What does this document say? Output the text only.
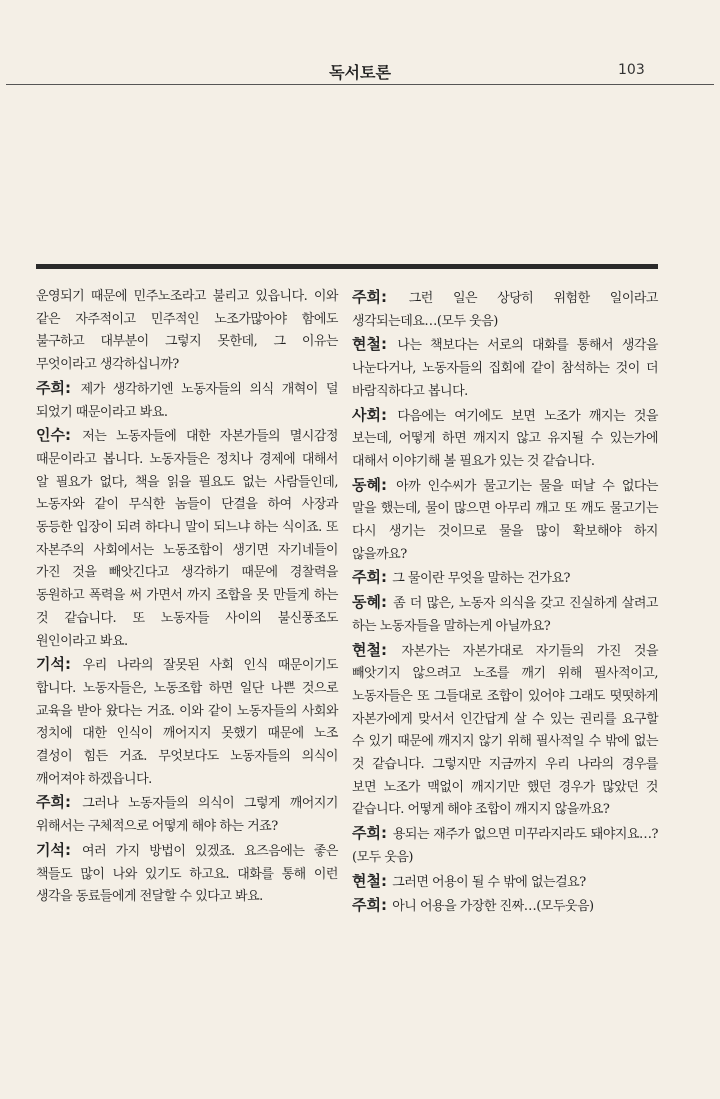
독서토론	103

운영되기 때문에 민주노조라고 불리고 있읍니다. 이와 같은 자주적이고 민주적인 노조가많아야 함에도 불구하고 대부분이 그렇지 못한데, 그 이유는 무엇이라고 생각하십니까?

주희: 제가 생각하기엔 노동자들의 의식 개혁이 덜 되었기 때문이라고 봐요.

인수: 저는 노동자들에 대한 자본가들의 멸시감정 때문이라고 봅니다. 노동자들은 정치나 경제에 대해서 알 필요가 없다, 책을 읽을 필요도 없는 사람들인데, 노동자와 같이 무식한 놈들이 단결을 하여 사장과 동등한 입장이 되려 하다니 말이 되느냐 하는 식이죠. 또 자본주의 사회에서는 노동조합이 생기면 자기네들이 가진 것을 빼앗긴다고 생각하기 때문에 경찰력을 동원하고 폭력을 써 가면서 까지 조합을 못 만들게 하는 것 같습니다. 또 노동자들 사이의 불신풍조도 원인이라고 봐요.

기석: 우리 나라의 잘못된 사회 인식 때문이기도 합니다. 노동자들은, 노동조합 하면 일단 나쁜 것으로 교육을 받아 왔다는 거죠. 이와 같이 노동자들의 사회와 정치에 대한 인식이 깨어지지 못했기 때문에 노조 결성이 힘든 거죠. 무엇보다도 노동자들의 의식이 깨어져야 하겠읍니다.

주희: 그러나 노동자들의 의식이 그렇게 깨어지기 위해서는 구체적으로 어떻게 해야 하는 거죠?

기석: 여러 가지 방법이 있겠죠. 요즈음에는 좋은 책들도 많이 나와 있기도 하고요. 대화를 통해 이런 생각을 동료들에게 전달할 수 있다고 봐요.

주희: 그런 일은 상당히 위험한 일이라고 생각되는데요…(모두 웃음)

현철: 나는 책보다는 서로의 대화를 통해서 생각을 나눈다거나, 노동자들의 집회에 같이 참석하는 것이 더 바람직하다고 봅니다.

사회: 다음에는 여기에도 보면 노조가 깨지는 것을 보는데, 어떻게 하면 깨지지 않고 유지될 수 있는가에 대해서 이야기해 볼 필요가 있는 것 같습니다.

동혜: 아까 인수씨가 물고기는 물을 떠날 수 없다는 말을 했는데, 물이 많으면 아무리 깨고 또 깨도 물고기는 다시 생기는 것이므로 물을 많이 확보해야 하지 않을까요?

주희: 그 물이란 무엇을 말하는 건가요?

동혜: 좀 더 많은, 노동자 의식을 갖고 진실하게 살려고 하는 노동자들을 말하는게 아닐까요?

현철: 자본가는 자본가대로 자기들의 가진 것을 빼앗기지 않으려고 노조를 깨기 위해 필사적이고, 노동자들은 또 그들대로 조합이 있어야 그래도 떳떳하게 자본가에게 맞서서 인간답게 살 수 있는 권리를 요구할 수 있기 때문에 깨지지 않기 위해 필사적일 수 밖에 없는 것 같습니다. 그렇지만 지금까지 우리 나라의 경우를 보면 노조가 맥없이 깨지기만 했던 경우가 많았던 것 같습니다. 어떻게 해야 조합이 깨지지 않을까요?

주희: 용되는 재주가 없으면 미꾸라지라도 돼야지요…?(모두 웃음)

현철: 그러면 어용이 될 수 밖에 없는걸요?

주희: 아니 어용을 가장한 진짜…(모두웃음)
